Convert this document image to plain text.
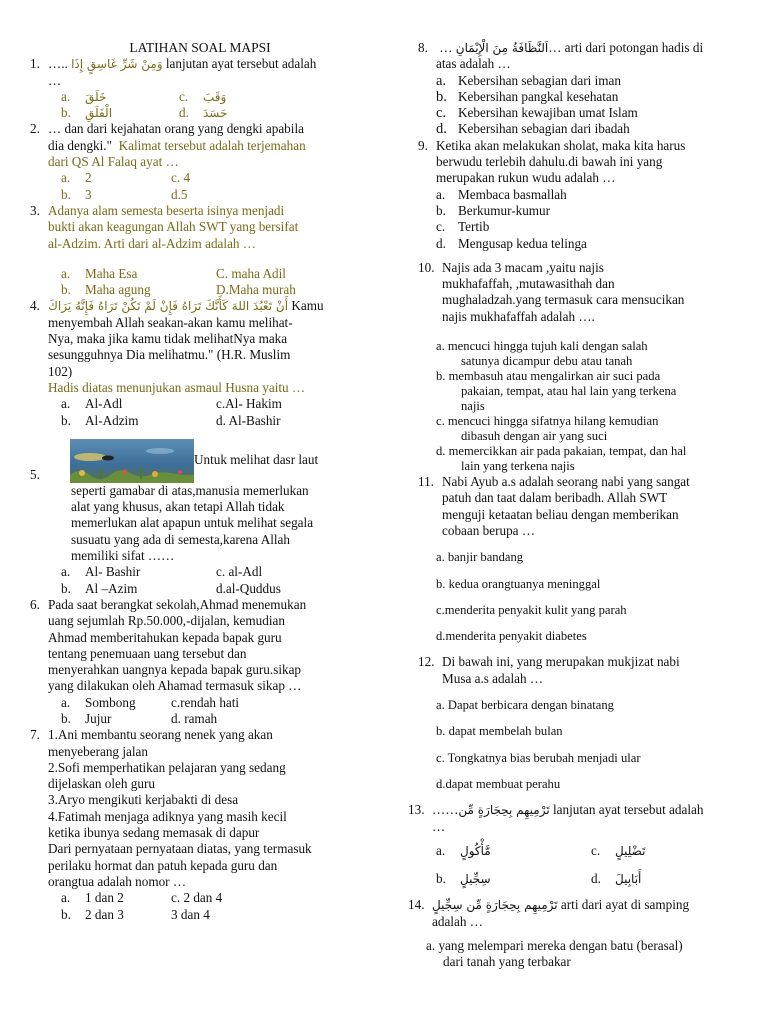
LATIHAN SOAL MAPSI
1. ….. وَمِنْ شَرِّ غَاسِقٍ إِذَا lanjutan ayat tersebut adalah
…
a.	خَلَقَ	c.	وَقَبَ
b.	الْفَلَقِ	d.	حَسَدَ
2. … dan dari kejahatan orang yang dengki apabila
dia dengki." Kalimat tersebut adalah terjemahan
dari QS Al Falaq ayat …
a.	2	c. 4
b.	3	d.5
3. Adanya alam semesta beserta isinya menjadi
bukti akan keagungan Allah SWT yang bersifat
al-Adzim. Arti dari al-Adzim adalah …
a.	Maha Esa	C. maha Adil
b.	Maha agung	D.Maha murah
4. أَنْ تَعْبُدَ اللهَ كَأَنَّكَ تَرَاهُ فَإِنْ لَمْ تَكُنْ تَرَاهُ فَإِنَّهُ يَرَاكَ Kamu
menyembah Allah seakan-akan kamu melihat-
Nya, maka jika kamu tidak melihatNya maka
sesungguhnya Dia melihatmu." (H.R. Muslim
102)
Hadis diatas menunjukan asmaul Husna yaitu …
a.	Al-Adl	c.Al- Hakim
b.	Al-Adzim	d. Al-Bashir
5.
Untuk melihat dasr laut
seperti gamabar di atas,manusia memerlukan
alat yang khusus, akan tetapi Allah tidak
memerlukan alat apapun untuk melihat segala
susuatu yang ada di semesta,karena Allah
memiliki sifat ……
a.	Al- Bashir	c. al-Adl
b.	Al –Azim	d.al-Quddus
6. Pada saat berangkat sekolah,Ahmad menemukan
uang sejumlah Rp.50.000,-dijalan, kemudian
Ahmad memberitahukan kepada bapak guru
tentang penemuaan uang tersebut dan
menyerahkan uangnya kepada bapak guru.sikap
yang dilakukan oleh Ahamad termasuk sikap …
a.	Sombong	c.rendah hati
b.	Jujur	d. ramah
7. 1.Ani membantu seorang nenek yang akan
menyeberang jalan
2.Sofi memperhatikan pelajaran yang sedang
dijelaskan oleh guru
3.Aryo mengikuti kerjabakti di desa
4.Fatimah menjaga adiknya yang masih kecil
ketika ibunya sedang memasak di dapur
Dari pernyataan pernyataan diatas, yang termasuk
perilaku hormat dan patuh kepada guru dan
orangtua adalah nomor …
a.	1 dan 2	c. 2 dan 4
b.	2 dan 3	3 dan 4
8. … اَلنَّظَافَةُ مِنَ الْإِيْمَانِ… arti dari potongan hadis di
atas adalah …
a. Kebersihan sebagian dari iman
b. Kebersihan pangkal kesehatan
c. Kebersihan kewajiban umat Islam
d. Kebersihan sebagian dari ibadah
9. Ketika akan melakukan sholat, maka kita harus
berwudu terlebih dahulu.di bawah ini yang
merupakan rukun wudu adalah …
a. Membaca basmallah
b. Berkumur-kumur
c. Tertib
d. Mengusap kedua telinga
10. Najis ada 3 macam ,yaitu najis
mukhafaffah, ,mutawasithah dan
mughaladzah.yang termasuk cara mensucikan
najis mukhafaffah adalah ….
a. mencuci hingga tujuh kali dengan salah
satunya dicampur debu atau tanah
b. membasuh atau mengalirkan air suci pada
pakaian, tempat, atau hal lain yang terkena
najis
c. mencuci hingga sifatnya hilang kemudian
dibasuh dengan air yang suci
d. memercikkan air pada pakaian, tempat, dan hal
lain yang terkena najis
11. Nabi Ayub a.s adalah seorang nabi yang sangat
patuh dan taat dalam beribadh. Allah SWT
menguji ketaatan beliau dengan memberikan
cobaan berupa …
a. banjir bandang
b. kedua orangtuanya meninggal
c.menderita penyakit kulit yang parah
d.menderita penyakit diabetes
12. Di bawah ini, yang merupakan mukjizat nabi
Musa a.s adalah …
a. Dapat berbicara dengan binatang
b. dapat membelah bulan
c. Tongkatnya bias berubah menjadi ular
d.dapat membuat perahu
13. ……تَرْمِيهِم بِحِجَارَةٍ مِّن lanjutan ayat tersebut adalah
…
a.	مَّأْكُولٍ	c.	تَضْلِيلٍ
b.	سِجِّيلٍ	d.	أَبَابِيلَ
14. تَرْمِيهِم بِحِجَارَةٍ مِّن سِجِّيلٍ arti dari ayat di samping
adalah …
a. yang melempari mereka dengan batu (berasal)
dari tanah yang terbakar
